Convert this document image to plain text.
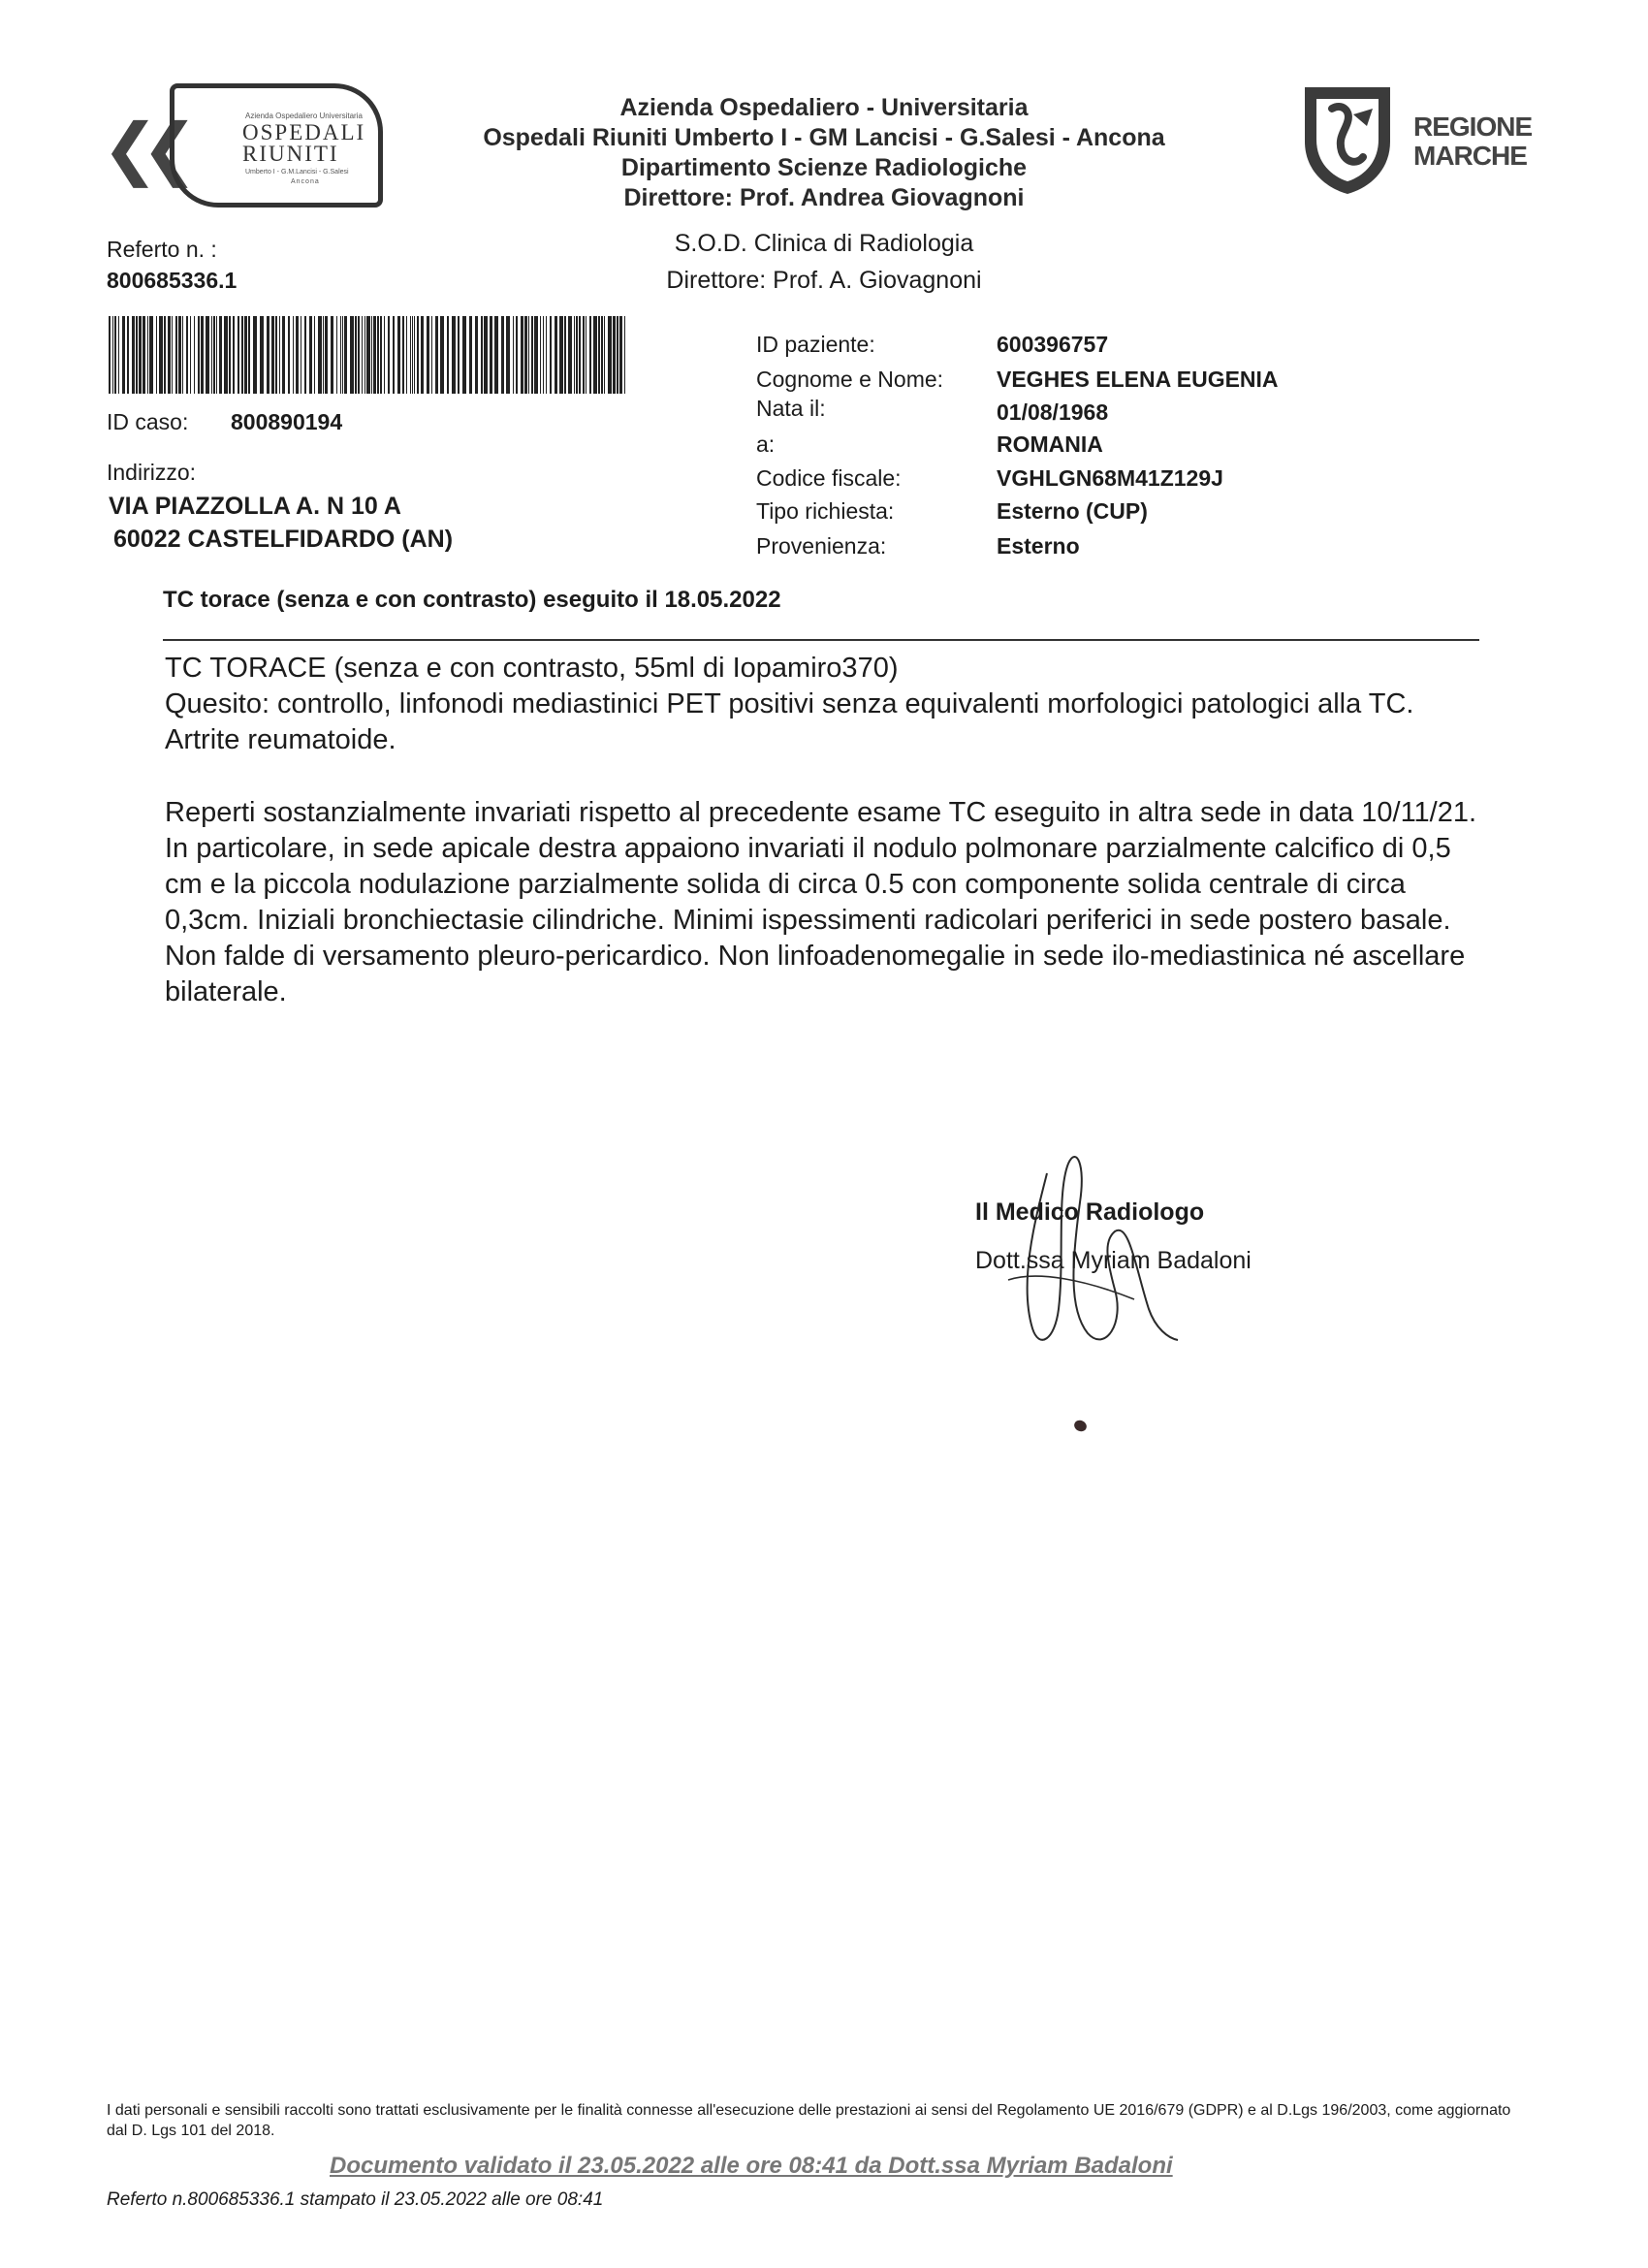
❮❮	Azienda Ospedaliero Universitaria
OSPEDALI
RIUNITI
Umberto I - G.M.Lancisi - G.Salesi
Ancona
Azienda Ospedaliero - Universitaria
Ospedali Riuniti Umberto I - GM Lancisi - G.Salesi - Ancona
Dipartimento Scienze Radiologiche
Direttore: Prof. Andrea Giovagnoni
S.O.D. Clinica di Radiologia
Direttore: Prof. A. Giovagnoni
REGIONE
MARCHE
Referto n. :
800685336.1
ID caso: 800890194
Indirizzo:
VIA PIAZZOLLA A. N 10 A
60022 CASTELFIDARDO (AN)
ID paziente:	600396757
Cognome e Nome: VEGHES ELENA EUGENIA
Nata il:	01/08/1968
a:	ROMANIA
Codice fiscale:	VGHLGN68M41Z129J
Tipo richiesta:	Esterno (CUP)
Provenienza:	Esterno
TC torace (senza e con contrasto) eseguito il 18.05.2022
TC TORACE (senza e con contrasto, 55ml di Iopamiro370)
Quesito: controllo, linfonodi mediastinici PET positivi senza equivalenti morfologici patologici alla TC. Artrite reumatoide.
Reperti sostanzialmente invariati rispetto al precedente esame TC eseguito in altra sede in data 10/11/21. In particolare, in sede apicale destra appaiono invariati il nodulo polmonare parzialmente calcifico di 0,5 cm e la piccola nodulazione parzialmente solida di circa 0.5 con componente solida centrale di circa 0,3cm. Iniziali bronchiectasie cilindriche. Minimi ispessimenti radicolari periferici in sede postero basale. Non falde di versamento pleuro-pericardico. Non linfoadenomegalie in sede ilo-mediastinica né ascellare bilaterale.
Il Medico Radiologo
Dott.ssa Myriam Badaloni
I dati personali e sensibili raccolti sono trattati esclusivamente per le finalità connesse all'esecuzione delle prestazioni ai sensi del Regolamento UE 2016/679 (GDPR) e al D.Lgs 196/2003, come aggiornato dal D. Lgs 101 del 2018.
Documento validato il 23.05.2022 alle ore 08:41 da Dott.ssa Myriam Badaloni
Referto n.800685336.1 stampato il 23.05.2022 alle ore 08:41
